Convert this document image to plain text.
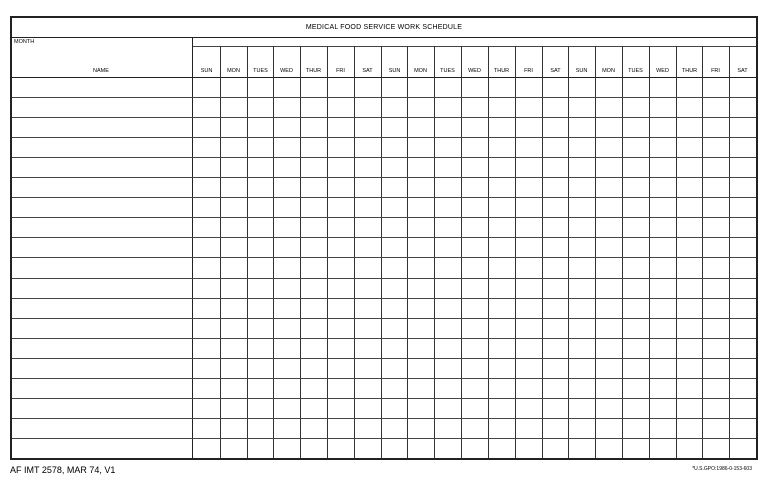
MEDICAL FOOD SERVICE WORK SCHEDULE
MONTH
NAME	SUN	MON	TUES	WED	THUR	FRI	SAT	SUN	MON	TUES	WED	THUR	FRI	SAT	SUN	MON	TUES	WED	THUR	FRI	SAT
AF IMT 2578, MAR 74, V1	*U.S.GPO:1986-0-153-603
